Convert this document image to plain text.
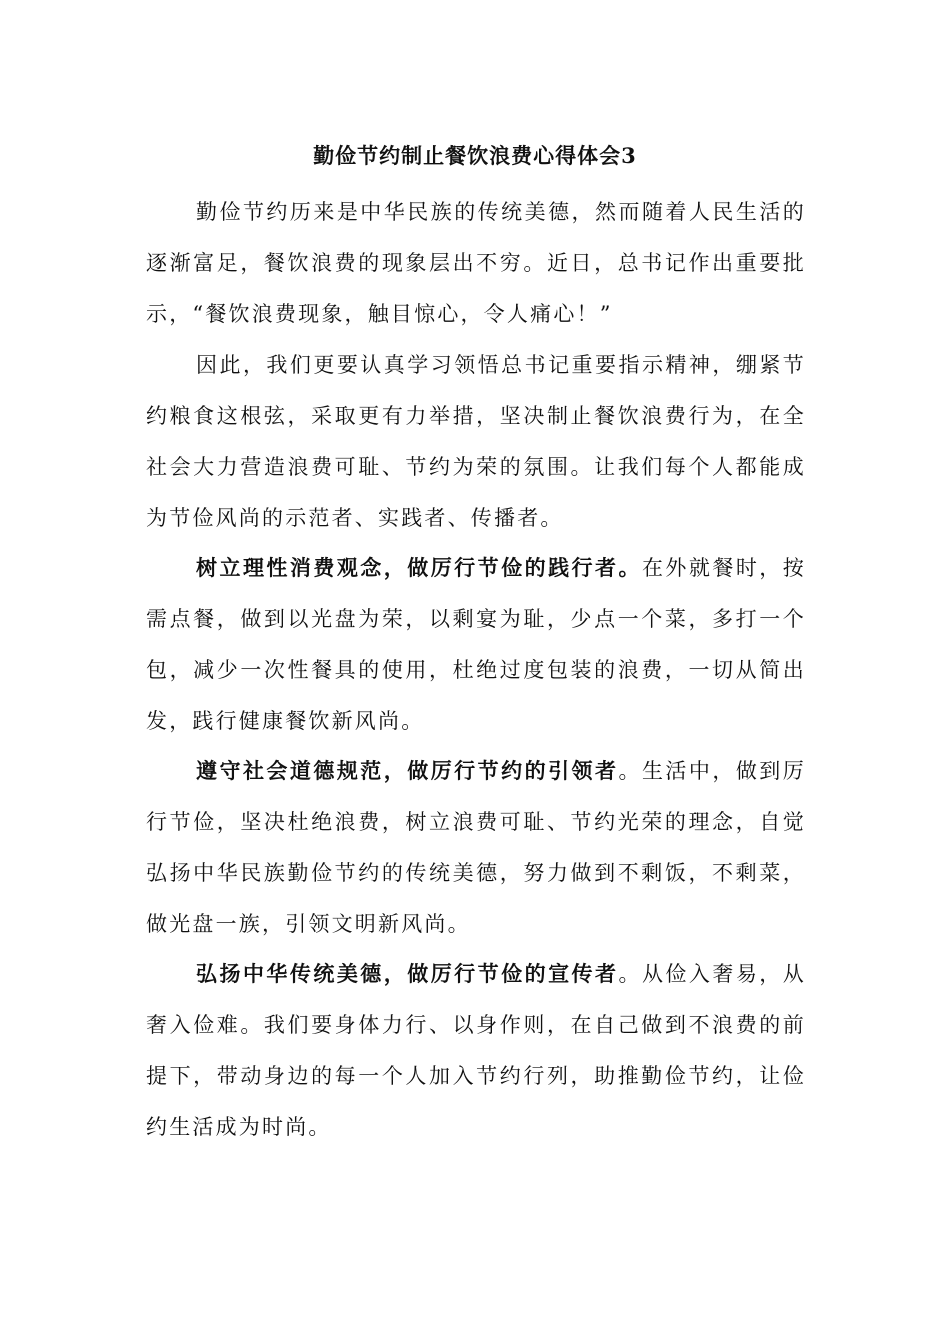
勤俭节约制止餐饮浪费心得体会3

勤俭节约历来是中华民族的传统美德，然而随着人民生活的逐渐富足，餐饮浪费的现象层出不穷。近日，总书记作出重要批示，“餐饮浪费现象，触目惊心，令人痛心！”

因此，我们更要认真学习领悟总书记重要指示精神，绷紧节约粮食这根弦，采取更有力举措，坚决制止餐饮浪费行为，在全社会大力营造浪费可耻、节约为荣的氛围。让我们每个人都能成为节俭风尚的示范者、实践者、传播者。

树立理性消费观念，做厉行节俭的践行者。在外就餐时，按需点餐，做到以光盘为荣，以剩宴为耻，少点一个菜，多打一个包，减少一次性餐具的使用，杜绝过度包装的浪费，一切从简出发，践行健康餐饮新风尚。

遵守社会道德规范，做厉行节约的引领者。生活中，做到厉行节俭，坚决杜绝浪费，树立浪费可耻、节约光荣的理念，自觉弘扬中华民族勤俭节约的传统美德，努力做到不剩饭，不剩菜，做光盘一族，引领文明新风尚。

弘扬中华传统美德，做厉行节俭的宣传者。从俭入奢易，从奢入俭难。我们要身体力行、以身作则，在自己做到不浪费的前提下，带动身边的每一个人加入节约行列，助推勤俭节约，让俭约生活成为时尚。
